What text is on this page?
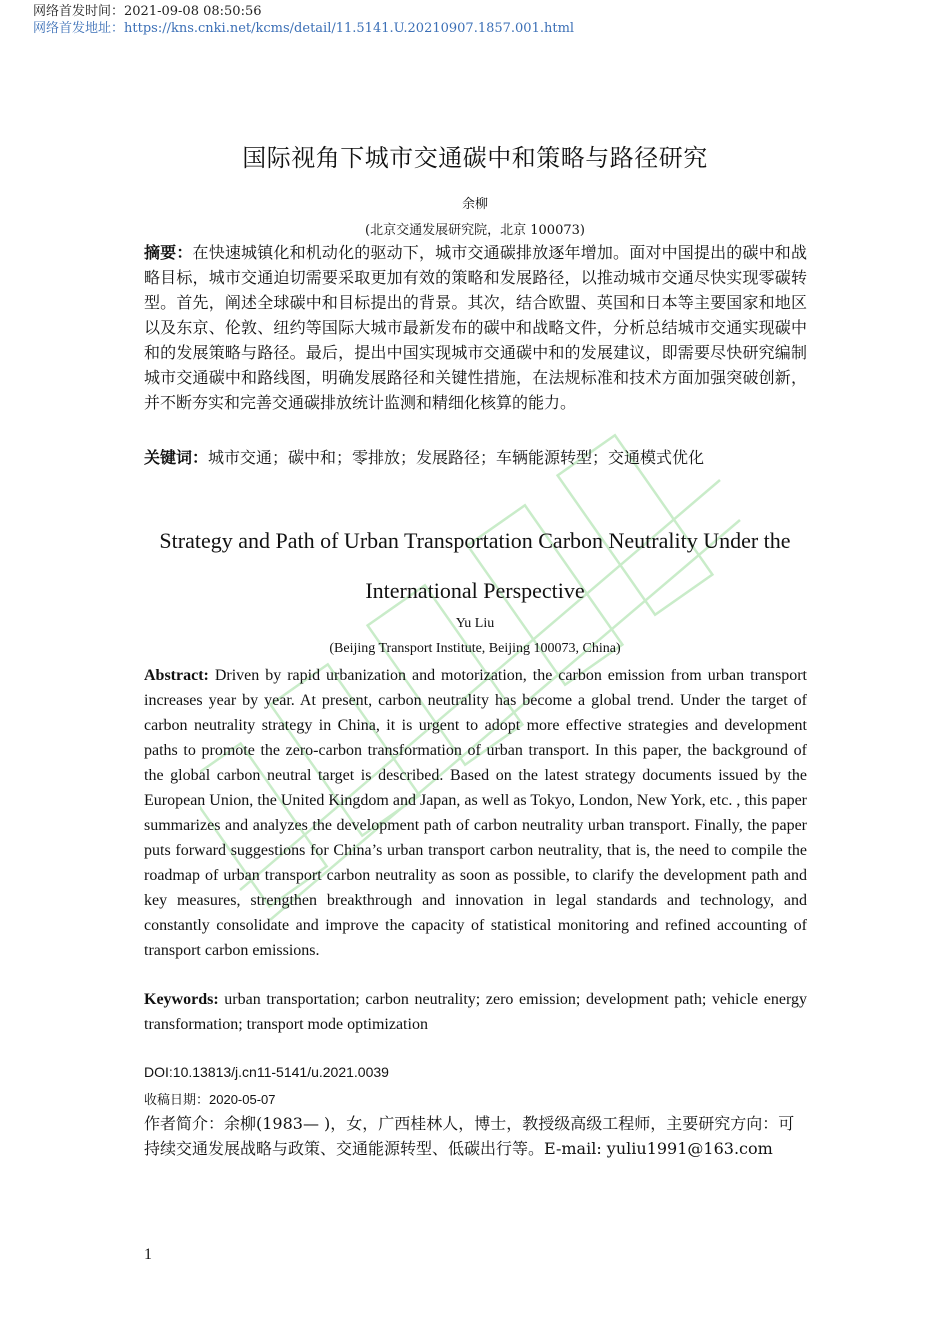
网络首发时间：2021-09-08 08:50:56
网络首发地址：https://kns.cnki.net/kcms/detail/11.5141.U.20210907.1857.001.html
国际视角下城市交通碳中和策略与路径研究
余柳
(北京交通发展研究院，北京 100073)
摘要：在快速城镇化和机动化的驱动下，城市交通碳排放逐年增加。面对中国提出的碳中和战略目标，城市交通迫切需要采取更加有效的策略和发展路径，以推动城市交通尽快实现零碳转型。首先，阐述全球碳中和目标提出的背景。其次，结合欧盟、英国和日本等主要国家和地区以及东京、伦敦、纽约等国际大城市最新发布的碳中和战略文件，分析总结城市交通实现碳中和的发展策略与路径。最后，提出中国实现城市交通碳中和的发展建议，即需要尽快研究编制城市交通碳中和路线图，明确发展路径和关键性措施，在法规标准和技术方面加强突破创新，并不断夯实和完善交通碳排放统计监测和精细化核算的能力。
关键词：城市交通；碳中和；零排放；发展路径；车辆能源转型；交通模式优化
Strategy and Path of Urban Transportation Carbon Neutrality Under the
International Perspective
Yu Liu
(Beijing Transport Institute, Beijing 100073, China)
Abstract: Driven by rapid urbanization and motorization, the carbon emission from urban transport increases year by year. At present, carbon neutrality has become a global trend. Under the target of carbon neutrality strategy in China, it is urgent to adopt more effective strategies and development paths to promote the zero-carbon transformation of urban transport. In this paper, the background of the global carbon neutral target is described. Based on the latest strategy documents issued by the European Union, the United Kingdom and Japan, as well as Tokyo, London, New York, etc. , this paper summarizes and analyzes the development path of carbon neutrality urban transport. Finally, the paper puts forward suggestions for China’s urban transport carbon neutrality, that is, the need to compile the roadmap of urban transport carbon neutrality as soon as possible, to clarify the development path and key measures, strengthen breakthrough and innovation in legal standards and technology, and constantly consolidate and improve the capacity of statistical monitoring and refined accounting of transport carbon emissions.
Keywords: urban transportation; carbon neutrality; zero emission; development path; vehicle energy transformation; transport mode optimization
DOI:10.13813/j.cn11-5141/u.2021.0039
收稿日期：2020-05-07
作者简介：余柳(1983— )，女，广西桂林人，博士，教授级高级工程师，主要研究方向：可持续交通发展战略与政策、交通能源转型、低碳出行等。E-mail: yuliu1991@163.com
1
